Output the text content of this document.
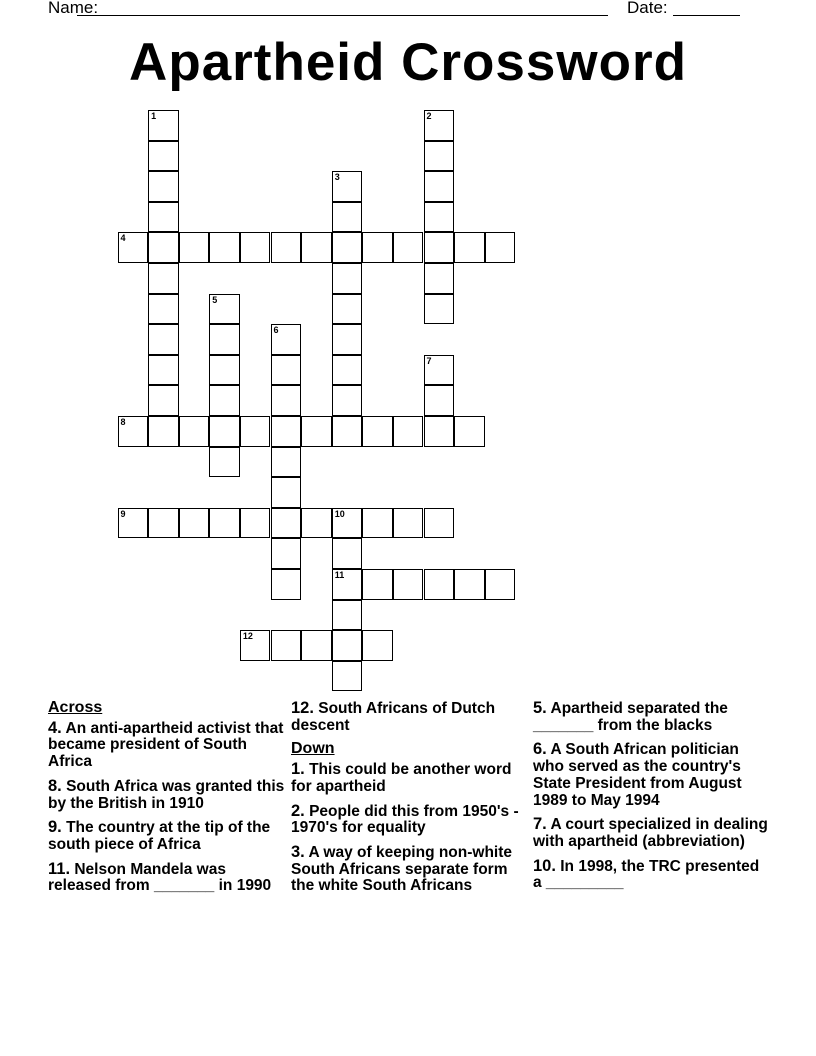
Name:	Date:
Apartheid Crossword
1	2
3
4
5
6
7
8
9	10
11
12
Across
4. An anti-apartheid activist that became president of South Africa
8. South Africa was granted this by the British in 1910
9. The country at the tip of the south piece of Africa
11. Nelson Mandela was released from _______ in 1990
12. South Africans of Dutch descent
Down
1. This could be another word for apartheid
2. People did this from 1950's - 1970's for equality
3. A way of keeping non-white South Africans separate form the white South Africans
5. Apartheid separated the _______ from the blacks
6. A South African politician who served as the country's State President from August 1989 to May 1994
7. A court specialized in dealing with apartheid (abbreviation)
10. In 1998, the TRC presented a _________
